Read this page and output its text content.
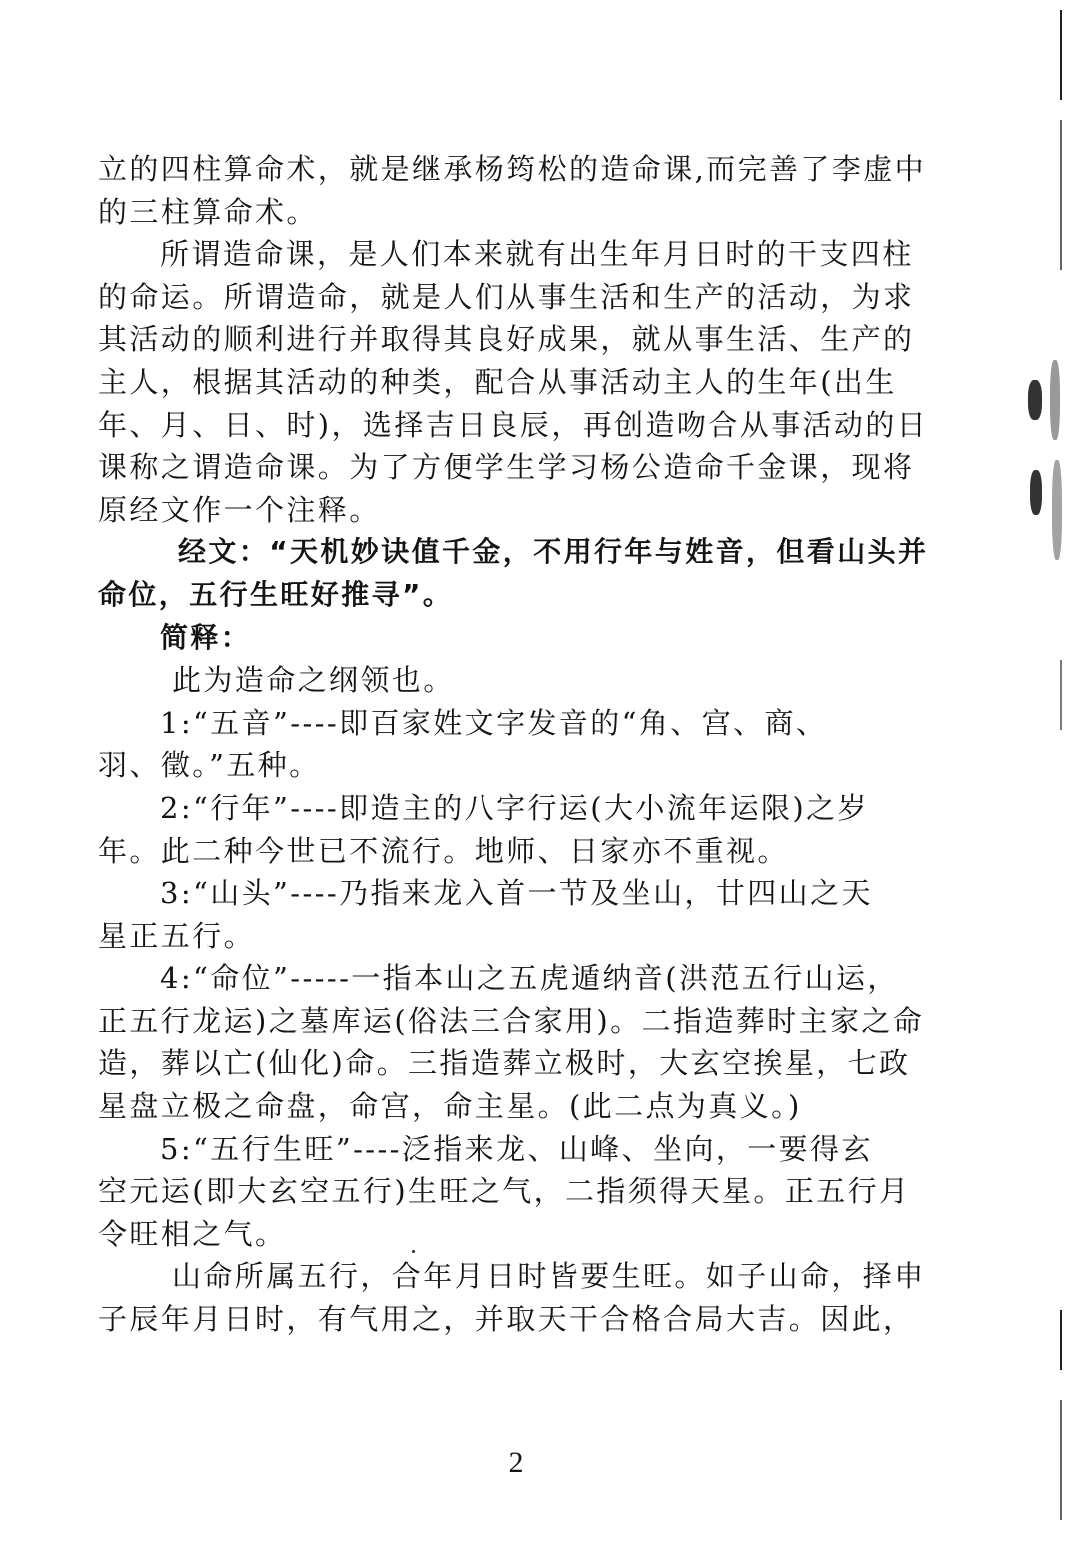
立的四柱算命术，就是继承杨筠松的造命课,而完善了李虚中
的三柱算命术。
所谓造命课，是人们本来就有出生年月日时的干支四柱
的命运。所谓造命，就是人们从事生活和生产的活动，为求
其活动的顺利进行并取得其良好成果，就从事生活、生产的
主人，根据其活动的种类，配合从事活动主人的生年(出生
年、月、日、时)，选择吉日良辰，再创造吻合从事活动的日
课称之谓造命课。为了方便学生学习杨公造命千金课，现将
原经文作一个注释。
经文：“天机妙诀值千金，不用行年与姓音，但看山头并
命位，五行生旺好推寻”。
简释：
此为造命之纲领也。
1:“五音”----即百家姓文字发音的“角、宫、商、
羽、徵。”五种。
2:“行年”----即造主的八字行运(大小流年运限)之岁
年。此二种今世已不流行。地师、日家亦不重视。
3:“山头”----乃指来龙入首一节及坐山，廿四山之天
星正五行。
4:“命位”-----一指本山之五虎遁纳音(洪范五行山运，
正五行龙运)之墓库运(俗法三合家用)。二指造葬时主家之命
造，葬以亡(仙化)命。三指造葬立极时，大玄空挨星，七政
星盘立极之命盘，命宫，命主星。(此二点为真义。)
5:“五行生旺”----泛指来龙、山峰、坐向，一要得玄
空元运(即大玄空五行)生旺之气，二指须得天星。正五行月
令旺相之气。
山命所属五行，合年月日时皆要生旺。如子山命，择申
子辰年月日时，有气用之，并取天干合格合局大吉。因此，
2
